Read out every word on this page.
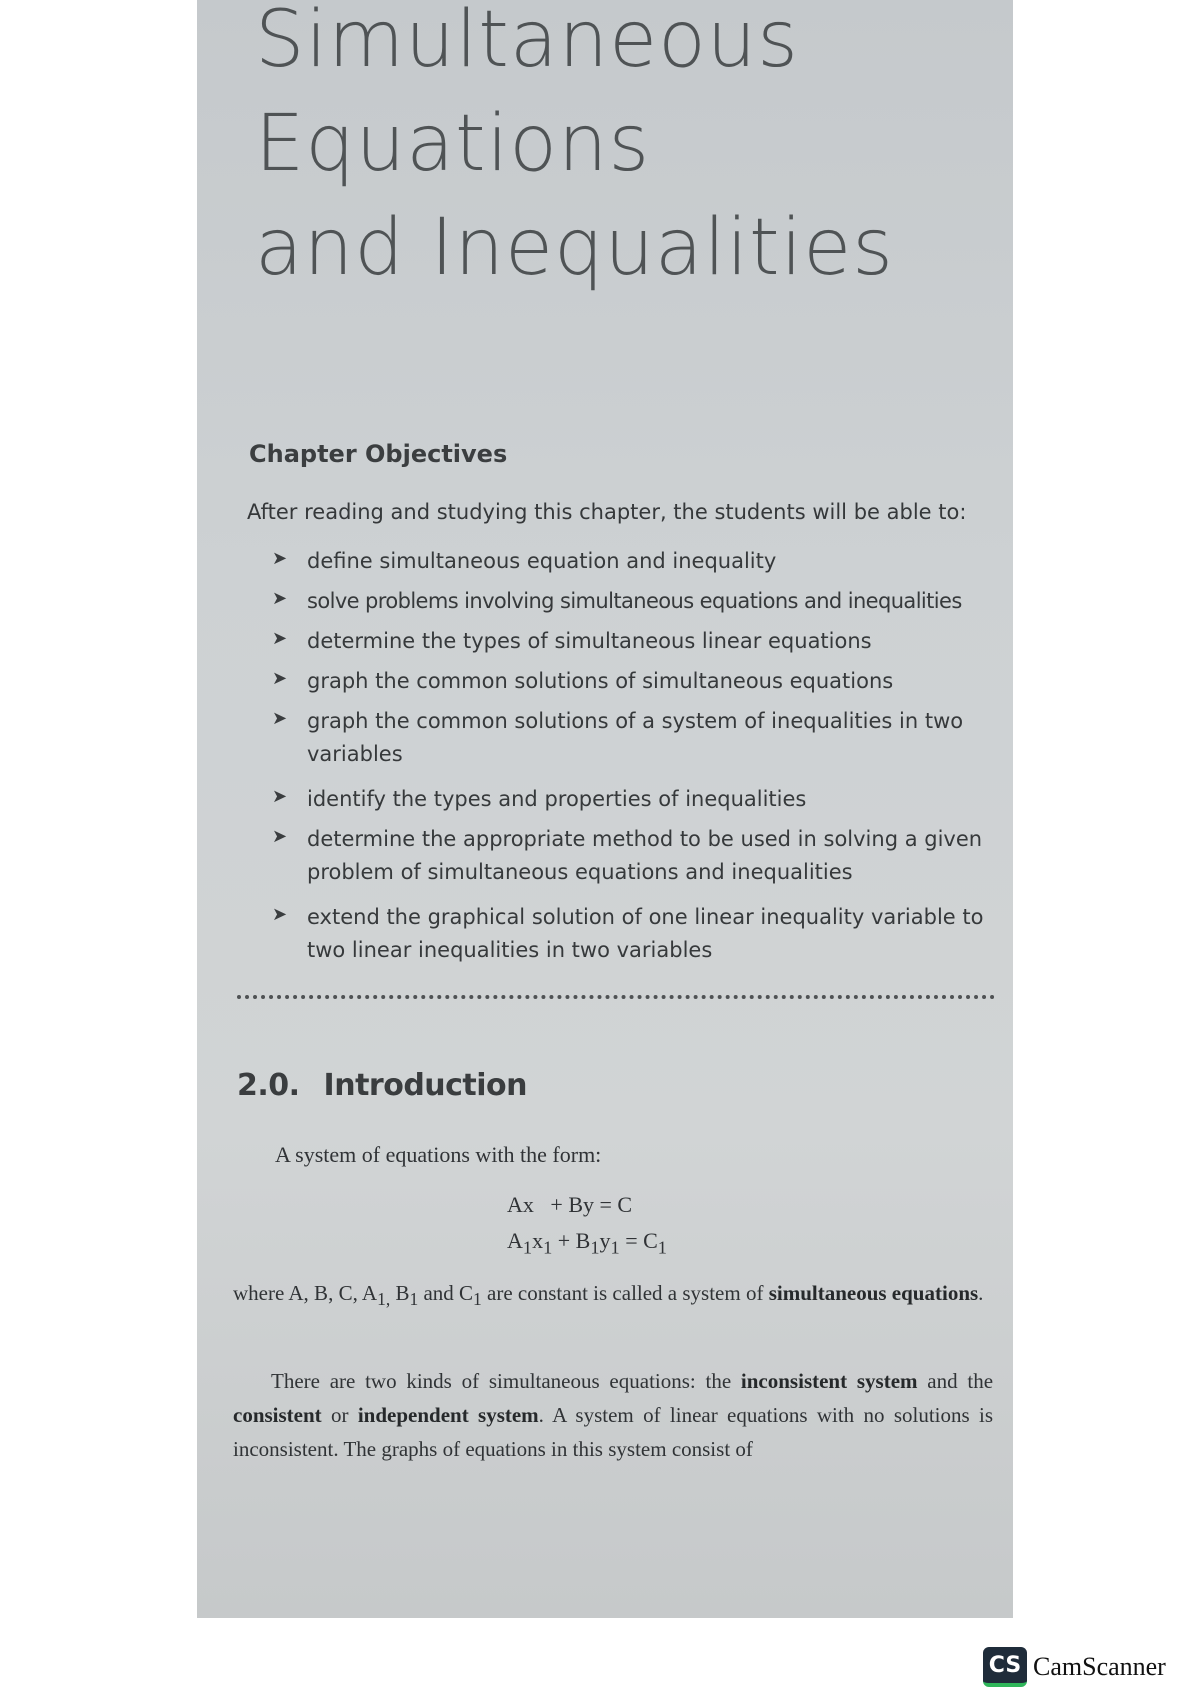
Simultaneous
Equations
and Inequalities
Chapter Objectives

After reading and studying this chapter, the students will be able to:

➤ define simultaneous equation and inequality
➤ solve problems involving simultaneous equations and inequalities
➤ determine the types of simultaneous linear equations
➤ graph the common solutions of simultaneous equations
➤ graph the common solutions of a system of inequalities in two variables
➤ identify the types and properties of inequalities
➤ determine the appropriate method to be used in solving a given problem of simultaneous equations and inequalities
➤ extend the graphical solution of one linear inequality variable to two linear inequalities in two variables
2.0. Introduction

A system of equations with the form:

Ax + By = C
$A_1x_1 + B_1y_1 = C_1$

where A, B, C, $A_{1,}$ $B_1$ and $C_1$ are constant is called a system of simultaneous equations.

There are two kinds of simultaneous equations: the inconsistent system and the consistent or independent system. A system of linear equations with no solutions is inconsistent. The graphs of equations in this system consist of

CS CamScanner
